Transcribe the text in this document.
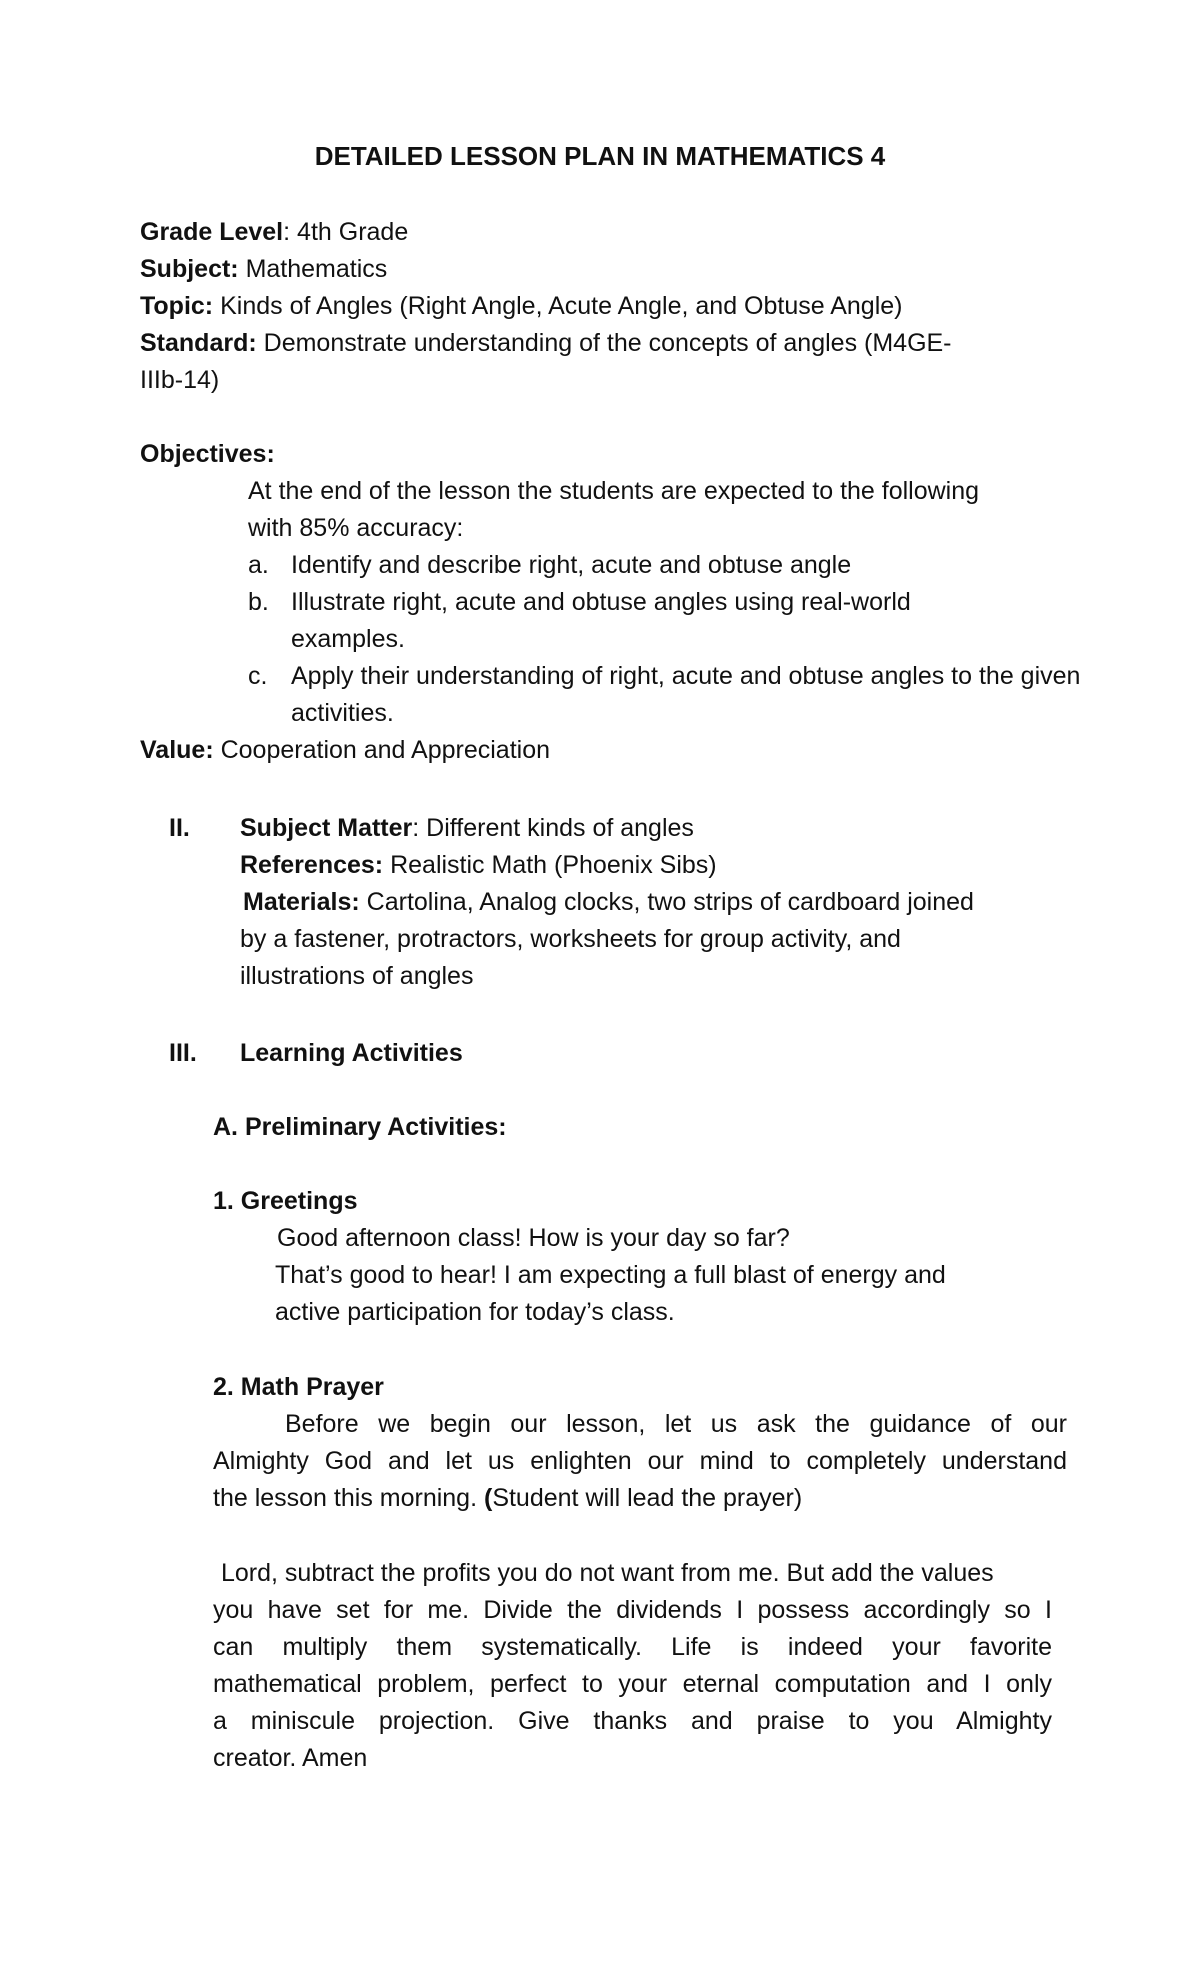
DETAILED LESSON PLAN IN MATHEMATICS 4
Grade Level: 4th Grade
Subject: Mathematics
Topic: Kinds of Angles (Right Angle, Acute Angle, and Obtuse Angle)
Standard: Demonstrate understanding of the concepts of angles (M4GE-
IIIb-14)
Objectives:
At the end of the lesson the students are expected to the following
with 85% accuracy:
a. Identify and describe right, acute and obtuse angle
b. Illustrate right, acute and obtuse angles using real-world examples.
c. Apply their understanding of right, acute and obtuse angles to the given activities.
Value: Cooperation and Appreciation
II. Subject Matter: Different kinds of angles
References: Realistic Math (Phoenix Sibs)
Materials: Cartolina, Analog clocks, two strips of cardboard joined
by a fastener, protractors, worksheets for group activity, and
illustrations of angles
III. Learning Activities
A. Preliminary Activities:
1. Greetings
Good afternoon class! How is your day so far?
That’s good to hear! I am expecting a full blast of energy and
active participation for today’s class.
2. Math Prayer
Before we begin our lesson, let us ask the guidance of our
Almighty God and let us enlighten our mind to completely understand
the lesson this morning. (Student will lead the prayer)
Lord, subtract the profits you do not want from me. But add the values
you have set for me. Divide the dividends I possess accordingly so I
can multiply them systematically. Life is indeed your favorite
mathematical problem, perfect to your eternal computation and I only
a miniscule projection. Give thanks and praise to you Almighty
creator. Amen
